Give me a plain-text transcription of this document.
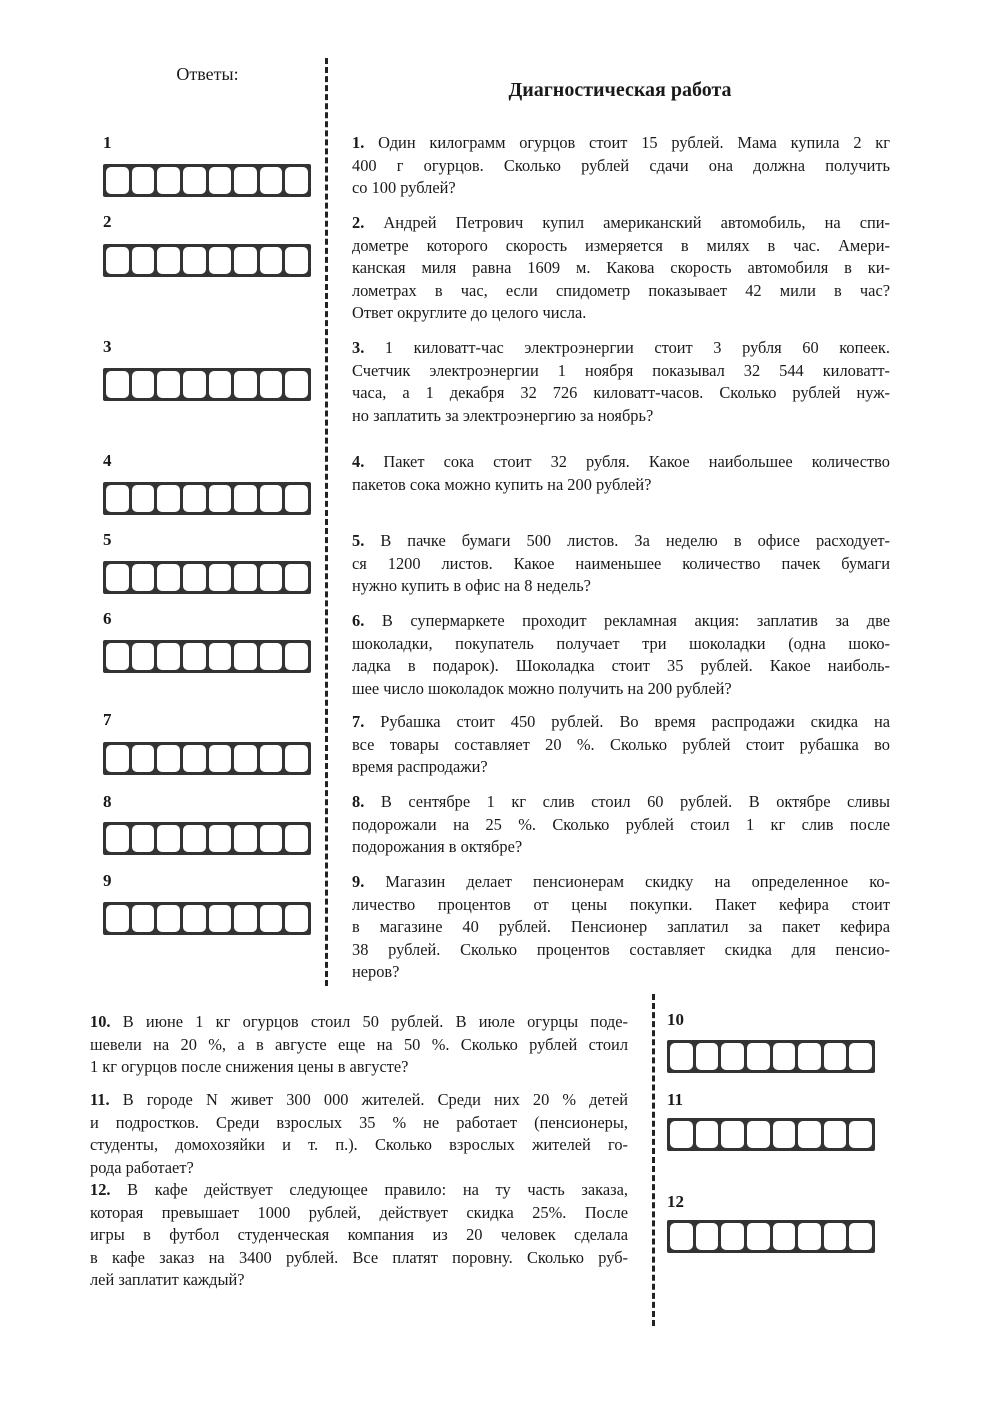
Ответы:
Диагностическая работа
1. Один килограмм огурцов стоит 15 рублей. Мама купила 2 кг
400 г огурцов. Сколько рублей сдачи она должна получить
со 100 рублей?
2. Андрей Петрович купил американский автомобиль, на спи-
дометре которого скорость измеряется в милях в час. Амери-
канская миля равна 1609 м. Какова скорость автомобиля в ки-
лометрах в час, если спидометр показывает 42 мили в час?
Ответ округлите до целого числа.
3. 1 киловатт-час электроэнергии стоит 3 рубля 60 копеек.
Счетчик электроэнергии 1 ноября показывал 32 544 киловатт-
часа, а 1 декабря 32 726 киловатт-часов. Сколько рублей нуж-
но заплатить за электроэнергию за ноябрь?
4. Пакет сока стоит 32 рубля. Какое наибольшее количество
пакетов сока можно купить на 200 рублей?
5. В пачке бумаги 500 листов. За неделю в офисе расходует-
ся 1200 листов. Какое наименьшее количество пачек бумаги
нужно купить в офис на 8 недель?
6. В супермаркете проходит рекламная акция: заплатив за две
шоколадки, покупатель получает три шоколадки (одна шоко-
ладка в подарок). Шоколадка стоит 35 рублей. Какое наиболь-
шее число шоколадок можно получить на 200 рублей?
7. Рубашка стоит 450 рублей. Во время распродажи скидка на
все товары составляет 20 %. Сколько рублей стоит рубашка во
время распродажи?
8. В сентябре 1 кг слив стоил 60 рублей. В октябре сливы
подорожали на 25 %. Сколько рублей стоил 1 кг слив после
подорожания в октябре?
9. Магазин делает пенсионерам скидку на определенное ко-
личество процентов от цены покупки. Пакет кефира стоит
в магазине 40 рублей. Пенсионер заплатил за пакет кефира
38 рублей. Сколько процентов составляет скидка для пенсио-
неров?
10. В июне 1 кг огурцов стоил 50 рублей. В июле огурцы поде-
шевели на 20 %, а в августе еще на 50 %. Сколько рублей стоил
1 кг огурцов после снижения цены в августе?
11. В городе N живет 300 000 жителей. Среди них 20 % детей
и подростков. Среди взрослых 35 % не работает (пенсионеры,
студенты, домохозяйки и т. п.). Сколько взрослых жителей го-
рода работает?
12. В кафе действует следующее правило: на ту часть заказа,
которая превышает 1000 рублей, действует скидка 25%. После
игры в футбол студенческая компания из 20 человек сделала
в кафе заказ на 3400 рублей. Все платят поровну. Сколько руб-
лей заплатит каждый?
1
2
3
4
5
6
7
8
9
10
11
12
